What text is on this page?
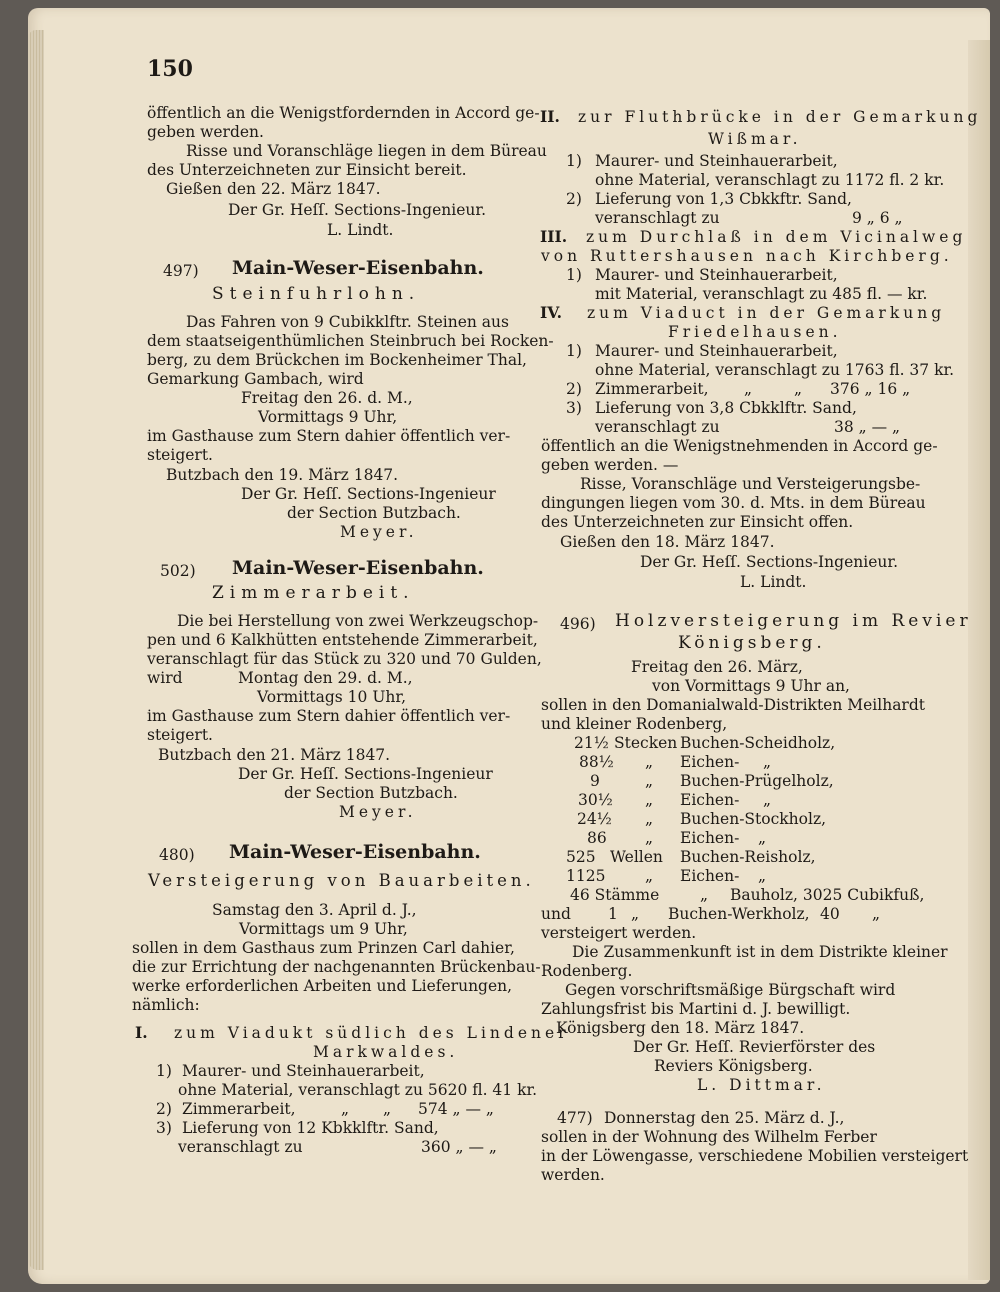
150

öffentlich an die Wenigstfordernden in Accord ge-

geben werden.

Risse und Voranschläge liegen in dem Büreau

des Unterzeichneten zur Einsicht bereit.

Gießen den 22. März 1847.

Der Gr. Heſſ. Sections-Ingenieur.

L. Lindt.

497) Main-Weser-Eisenbahn.

Steinfuhrlohn.

Das Fahren von 9 Cubikklftr. Steinen aus

dem staatseigenthümlichen Steinbruch bei Rocken-

berg, zu dem Brückchen im Bockenheimer Thal,

Gemarkung Gambach, wird

Freitag den 26. d. M.,

Vormittags 9 Uhr,

im Gasthause zum Stern dahier öffentlich ver-

steigert.

Butzbach den 19. März 1847.

Der Gr. Heſſ. Sections-Ingenieur

der Section Butzbach.

Meyer.

502) Main-Weser-Eisenbahn.

Zimmerarbeit.

Die bei Herstellung von zwei Werkzeugschop-

pen und 6 Kalkhütten entstehende Zimmerarbeit,

veranschlagt für das Stück zu 320 und 70 Gulden,

wird	Montag den 29. d. M.,

Vormittags 10 Uhr,

im Gasthause zum Stern dahier öffentlich ver-

steigert.

Butzbach den 21. März 1847.

Der Gr. Heſſ. Sections-Ingenieur

der Section Butzbach.

Meyer.

480) Main-Weser-Eisenbahn.

Versteigerung von Bauarbeiten.

Samstag den 3. April d. J.,

Vormittags um 9 Uhr,

sollen in dem Gasthaus zum Prinzen Carl dahier,

die zur Errichtung der nachgenannten Brückenbau-

werke erforderlichen Arbeiten und Lieferungen,

nämlich:

I. zum Viadukt südlich des Lindener

Markwaldes.

1) Maurer- und Steinhauerarbeit,

ohne Material, veranschlagt zu 5620 fl. 41 kr.

2) Zimmerarbeit,	„ „ 574 „ — „

3) Lieferung von 12 Kbkklftr. Sand,

veranschlagt zu	360 „ — „

II. zur Fluthbrücke in der Gemarkung

Wißmar.

1) Maurer- und Steinhauerarbeit,

ohne Material, veranschlagt zu 1172 fl. 2 kr.

2) Lieferung von 1,3 Cbkkftr. Sand,

veranschlagt zu	9 „ 6 „

III. zum Durchlaß in dem Vicinalweg

von Ruttershausen nach Kirchberg.

1) Maurer- und Steinhauerarbeit,

mit Material, veranschlagt zu 485 fl. — kr.

IV. zum Viaduct in der Gemarkung

Friedelhausen.

1) Maurer- und Steinhauerarbeit,

ohne Material, veranschlagt zu 1763 fl. 37 kr.

2) Zimmerarbeit, „	„ 376 „ 16 „

3) Lieferung von 3,8 Cbkklftr. Sand,

veranschlagt zu	38 „ — „

öffentlich an die Wenigstnehmenden in Accord ge-

geben werden. —

Risse, Voranschläge und Versteigerungsbe-

dingungen liegen vom 30. d. Mts. in dem Büreau

des Unterzeichneten zur Einsicht offen.

Gießen den 18. März 1847.

Der Gr. Heſſ. Sections-Ingenieur.

L. Lindt.

496) Holzversteigerung im Revier

Königsberg.

Freitag den 26. März,

von Vormittags 9 Uhr an,

sollen in den Domanialwald-Distrikten Meilhardt

und kleiner Rodenberg,

21½ Stecken Buchen-Scheidholz,

88½ „ Eichen- „

9	„ Buchen-Prügelholz,

30½ „ Eichen- „

24½ „ Buchen-Stockholz,

86 „ Eichen- „

525 Wellen Buchen-Reisholz,

1125	„ Eichen- „

46 Stämme	„ Bauholz, 3025 Cubikfuß,

und 1 „ Buchen-Werkholz, 40 „

versteigert werden.

Die Zusammenkunft ist in dem Distrikte kleiner

Rodenberg.

Gegen vorschriftsmäßige Bürgschaft wird

Zahlungsfrist bis Martini d. J. bewilligt.

Königsberg den 18. März 1847.

Der Gr. Heſſ. Revierförster des

Reviers Königsberg.

L. Dittmar.

477) Donnerstag den 25. März d. J.,

sollen in der Wohnung des Wilhelm Ferber

in der Löwengasse, verschiedene Mobilien versteigert

werden.
